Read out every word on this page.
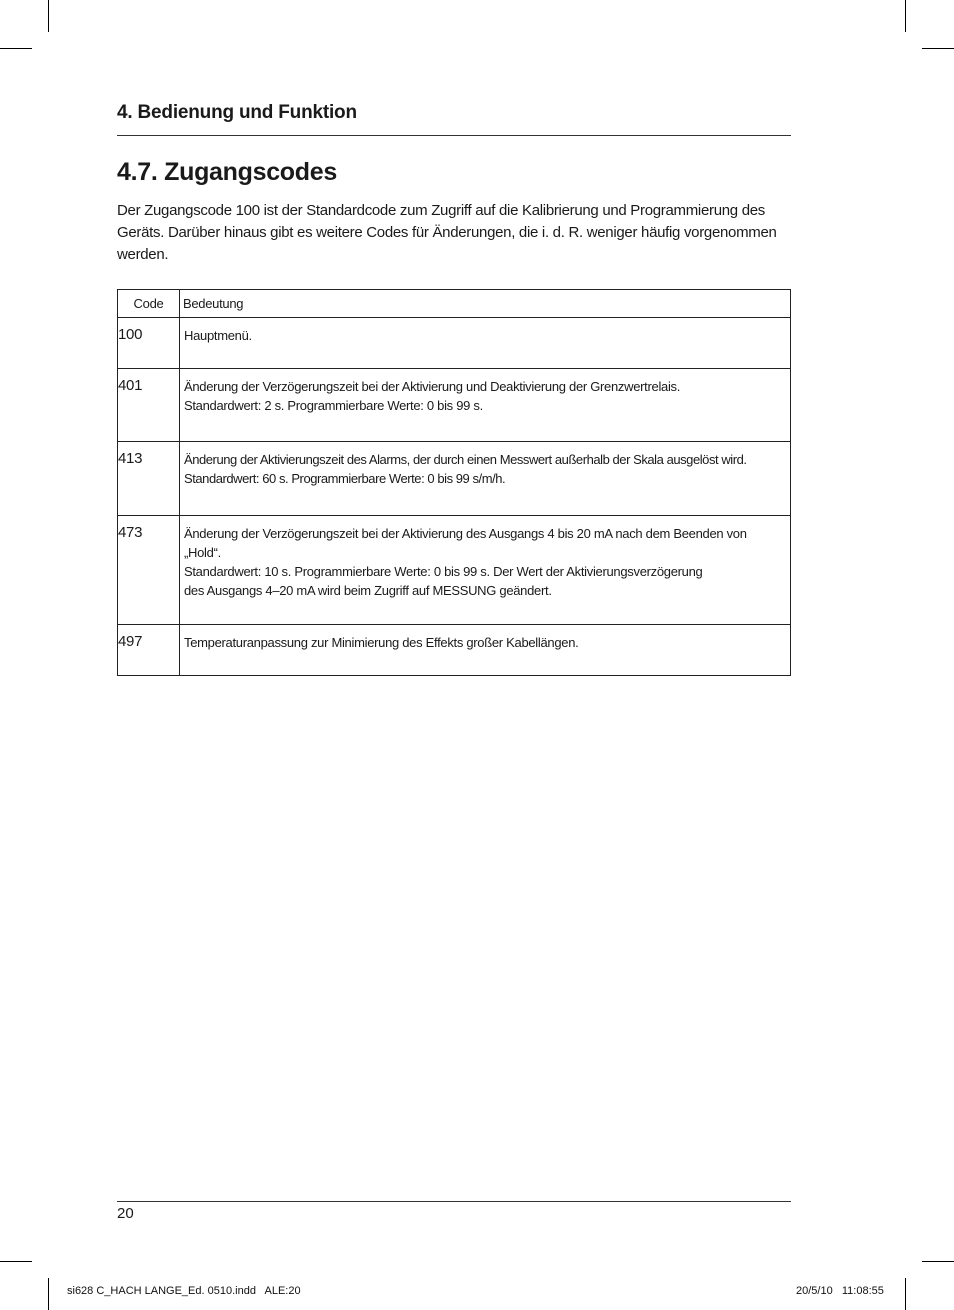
4. Bedienung und Funktion
4.7. Zugangscodes
Der Zugangscode 100 ist der Standardcode zum Zugriff auf die Kalibrierung und Programmierung des Geräts. Darüber hinaus gibt es weitere Codes für Änderungen, die i. d. R. weniger häufig vorgenommen werden.
Code	Bedeutung
100	Hauptmenü.

401	Änderung der Verzögerungszeit bei der Aktivierung und Deaktivierung der Grenzwertrelais.
Standardwert: 2 s. Programmierbare Werte: 0 bis 99 s.

413	Änderung der Aktivierungszeit des Alarms, der durch einen Messwert außerhalb der Skala ausgelöst wird.
Standardwert: 60 s. Programmierbare Werte: 0 bis 99 s/m/h.

473	Änderung der Verzögerungszeit bei der Aktivierung des Ausgangs 4 bis 20 mA nach dem Beenden von „Hold“.
Standardwert: 10 s. Programmierbare Werte: 0 bis 99 s. Der Wert der Aktivierungsverzögerung
des Ausgangs 4–20 mA wird beim Zugriff auf MESSUNG geändert.

497	Temperaturanpassung zur Minimierung des Effekts großer Kabellängen.
20
si628 C_HACH LANGE_Ed. 0510.indd   ALE:20	20/5/10   11:08:55
